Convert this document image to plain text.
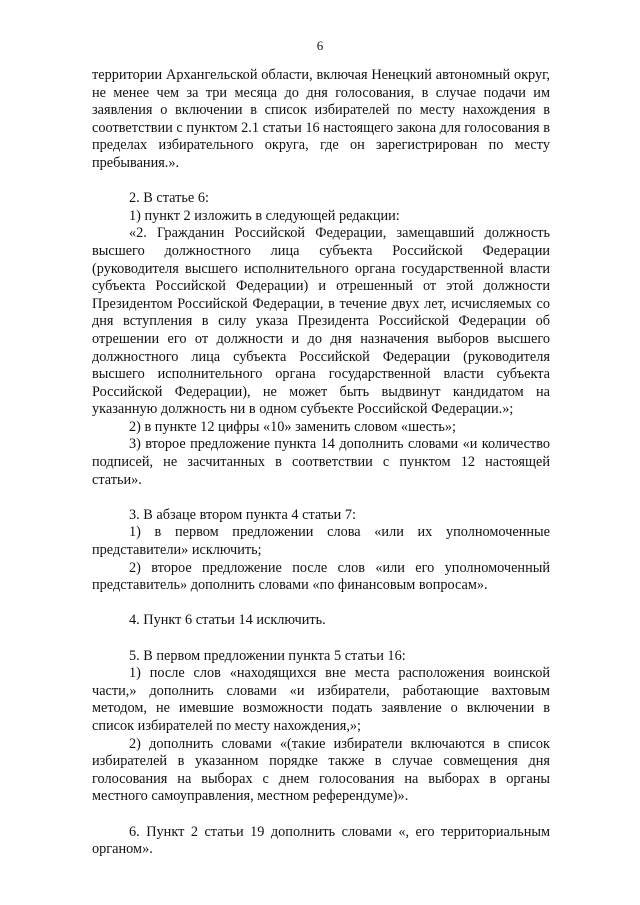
6

территории Архангельской области, включая Ненецкий автономный округ, не менее чем за три месяца до дня голосования, в случае подачи им заявления о включении в список избирателей по месту нахождения в соответствии с пунктом 2.1 статьи 16 настоящего закона для голосования в пределах избирательного округа, где он зарегистрирован по месту пребывания.».

2. В статье 6:

1) пункт 2 изложить в следующей редакции:

«2. Гражданин Российской Федерации, замещавший должность высшего должностного лица субъекта Российской Федерации (руководителя высшего исполнительного органа государственной власти субъекта Российской Федерации) и отрешенный от этой должности Президентом Российской Федерации, в течение двух лет, исчисляемых со дня вступления в силу указа Президента Российской Федерации об отрешении его от должности и до дня назначения выборов высшего должностного лица субъекта Российской Федерации (руководителя высшего исполнительного органа государственной власти субъекта Российской Федерации), не может быть выдвинут кандидатом на указанную должность ни в одном субъекте Российской Федерации.»;

2) в пункте 12 цифры «10» заменить словом «шесть»;

3) второе предложение пункта 14 дополнить словами «и количество подписей, не засчитанных в соответствии с пунктом 12 настоящей статьи».

3. В абзаце втором пункта 4 статьи 7:

1) в первом предложении слова «или их уполномоченные представители» исключить;

2) второе предложение после слов «или его уполномоченный представитель» дополнить словами «по финансовым вопросам».

4. Пункт 6 статьи 14 исключить.

5. В первом предложении пункта 5 статьи 16:

1) после слов «находящихся вне места расположения воинской части,» дополнить словами «и избиратели, работающие вахтовым методом, не имевшие возможности подать заявление о включении в список избирателей по месту нахождения,»;

2) дополнить словами «(такие избиратели включаются в список избирателей в указанном порядке также в случае совмещения дня голосования на выборах с днем голосования на выборах в органы местного самоуправления, местном референдуме)».

6. Пункт 2 статьи 19 дополнить словами «, его территориальным органом».
